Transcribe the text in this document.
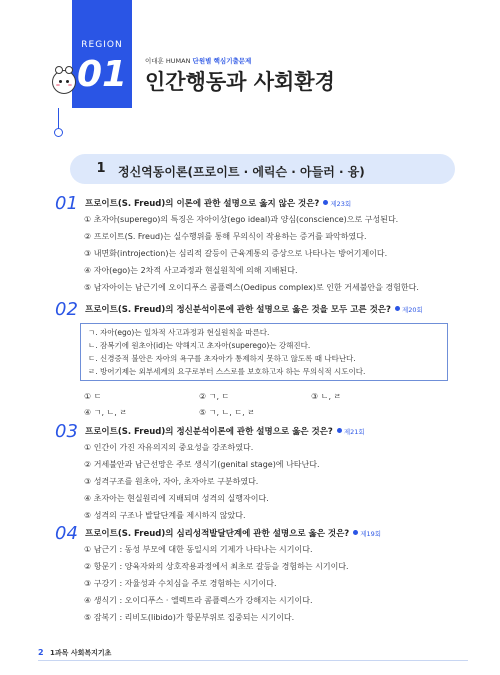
REGION
01	이대훈 HUMAN 단원별 핵심기출문제
인간행동과 사회환경
1	정신역동이론(프로이트 · 에릭슨 · 아들러 · 융)
01 프로이트(S. Freud)의 이론에 관한 설명으로 옳지 않은 것은? 제23회
① 초자아(superego)의 특징은 자아이상(ego ideal)과 양심(conscience)으로 구성된다.
② 프로이트(S. Freud)는 실수행위를 통해 무의식이 작용하는 증거를 파악하였다.
③ 내면화(introjection)는 심리적 갈등이 근육계통의 증상으로 나타나는 방어기제이다.
④ 자아(ego)는 2차적 사고과정과 현실원칙에 의해 지배된다.
⑤ 남자아이는 남근기에 오이디푸스 콤플렉스(Oedipus complex)로 인한 거세불안을 경험한다.
02 프로이트(S. Freud)의 정신분석이론에 관한 설명으로 옳은 것을 모두 고른 것은? 제20회
ㄱ. 자아(ego)는 일차적 사고과정과 현실원칙을 따른다.
ㄴ. 잠복기에 원초아(id)는 약해지고 초자아(superego)는 강해진다.
ㄷ. 신경증적 불안은 자아의 욕구를 초자아가 통제하지 못하고 않도록 때 나타난다.
ㄹ. 방어기제는 외부세계의 요구로부터 스스로를 보호하고자 하는 무의식적 시도이다.
① ㄷ	② ㄱ, ㄷ	③ ㄴ, ㄹ
④ ㄱ, ㄴ, ㄹ	⑤ ㄱ, ㄴ, ㄷ, ㄹ
03 프로이트(S. Freud)의 정신분석이론에 관한 설명으로 옳은 것은? 제21회
① 인간이 가진 자유의지의 중요성을 강조하였다.
② 거세불안과 남근선망은 주로 생식기(genital stage)에 나타난다.
③ 성격구조를 원초아, 자아, 초자아로 구분하였다.
④ 초자아는 현실원리에 지배되며 성격의 실행자이다.
⑤ 성격의 구조나 발달단계를 제시하지 않았다.
04 프로이트(S. Freud)의 심리성적발달단계에 관한 설명으로 옳은 것은? 제19회
① 남근기 : 동성 부모에 대한 동일시의 기제가 나타나는 시기이다.
② 항문기 : 양육자와의 상호작용과정에서 최초로 갈등을 경험하는 시기이다.
③ 구강기 : 자율성과 수치심을 주로 경험하는 시기이다.
④ 생식기 : 오이디푸스 · 엘렉트라 콤플렉스가 강해지는 시기이다.
⑤ 잠복기 : 리비도(libido)가 항문부위로 집중되는 시기이다.
2 1과목 사회복지기초
